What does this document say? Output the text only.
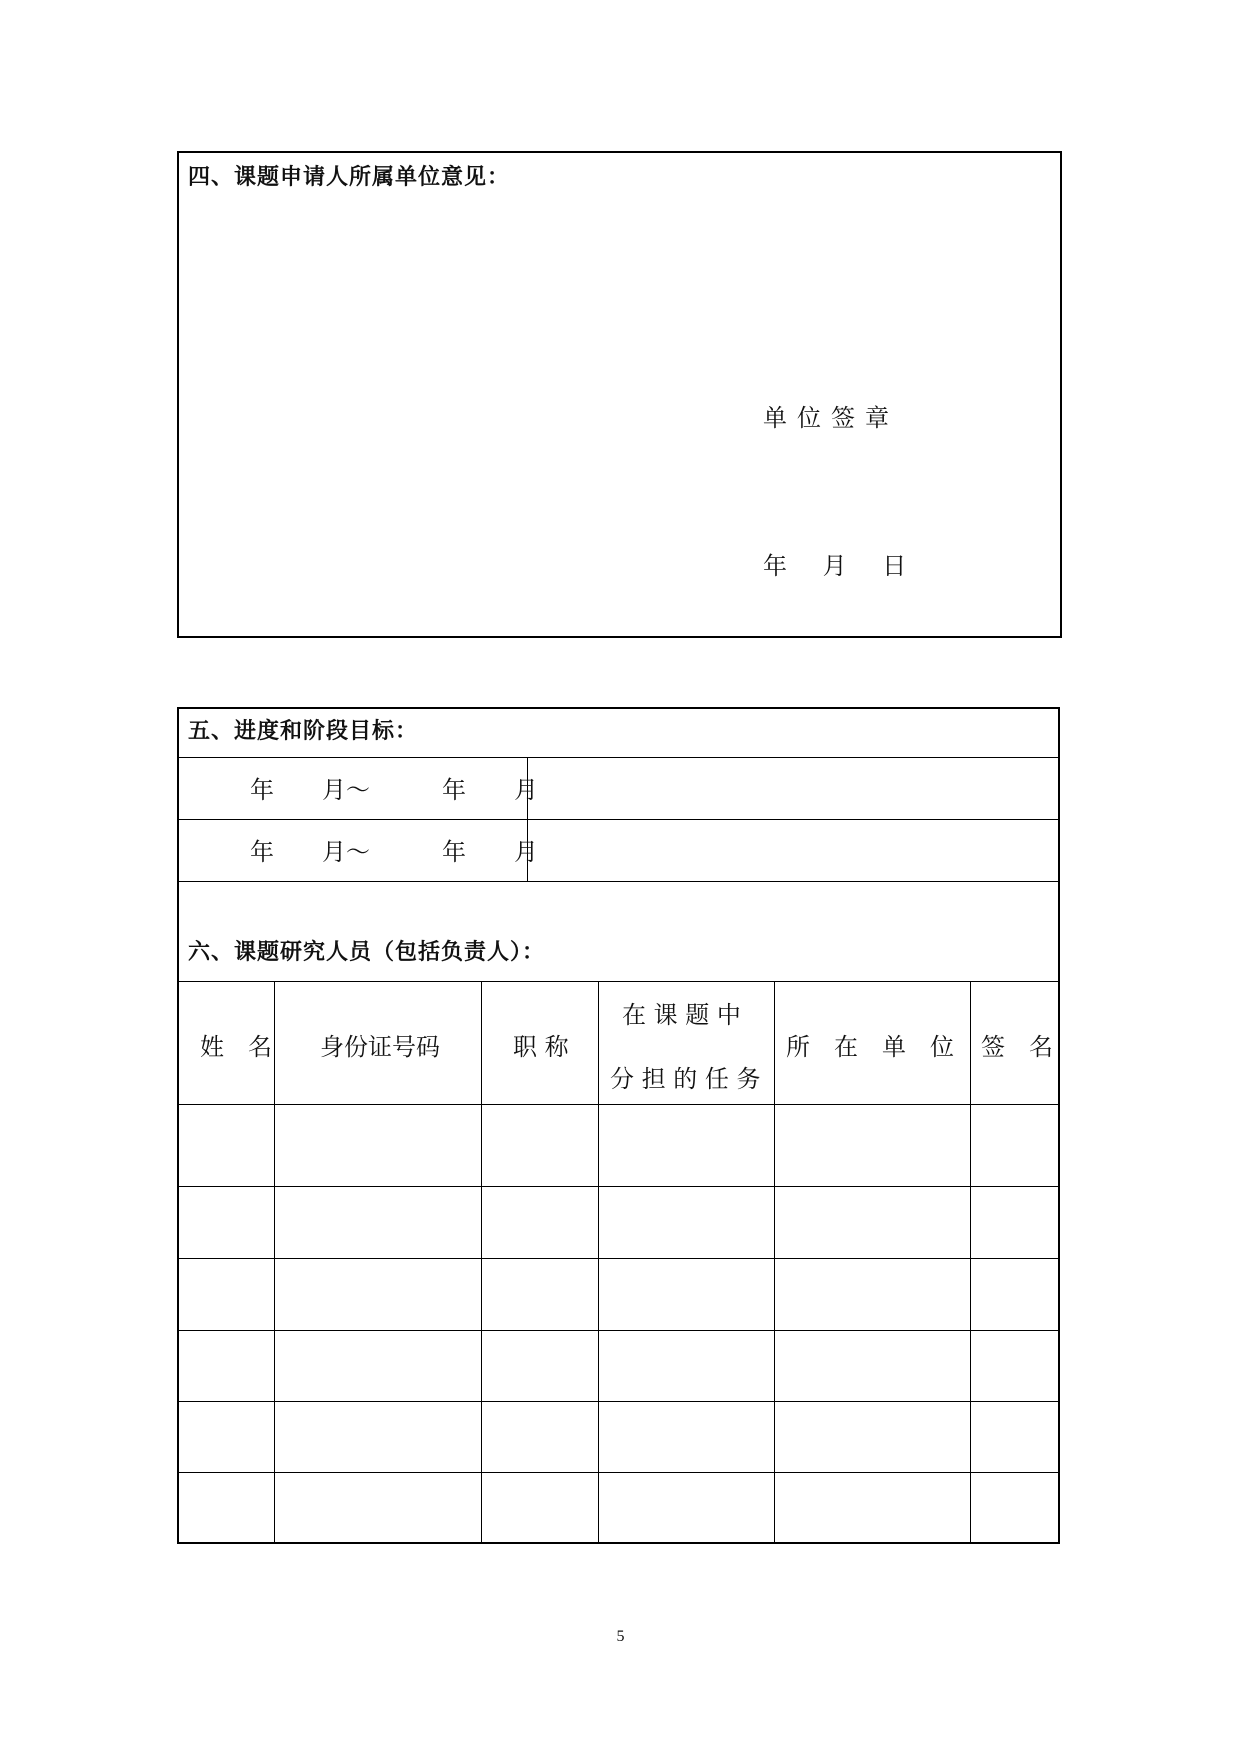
四、课题申请人所属单位意见：
单位签章
年 月 日
五、进度和阶段目标：
年　　月～　　　年　　月
年　　月～　　　年　　月
六、课题研究人员（包括负责人）：
姓　名 身份证号码	职 称
在 课 题 中
分 担 的 任 务
所　在　单　位 签　名
5
